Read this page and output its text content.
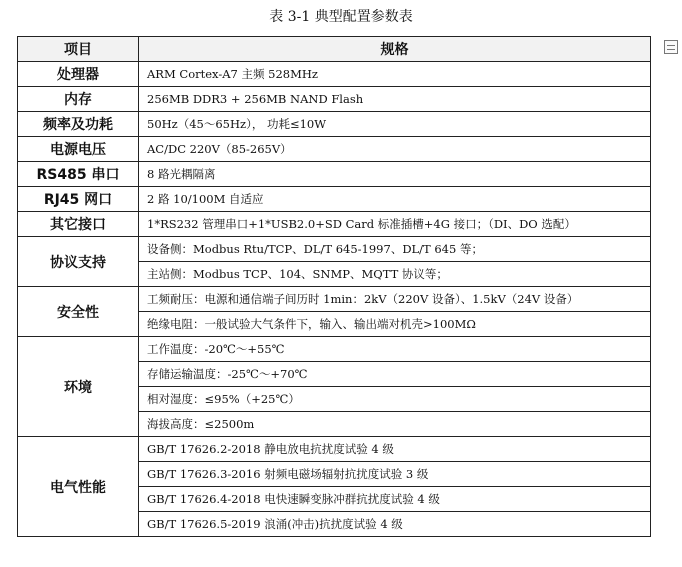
表 3-1 典型配置参数表
项目	规格
处理器	ARM Cortex-A7 主频 528MHz
内存	256MB DDR3 + 256MB NAND Flash
频率及功耗	50Hz（45～65Hz）， 功耗≤10W
电源电压	AC/DC 220V（85-265V）
RS485 串口	8 路光耦隔离
RJ45 网口	2 路 10/100M 自适应
其它接口	1*RS232 管理串口+1*USB2.0+SD Card 标准插槽+4G 接口；（DI、DO 选配）
协议支持	设备侧：Modbus Rtu/TCP、DL/T 645-1997、DL/T 645 等；
	主站侧：Modbus TCP、104、SNMP、MQTT 协议等；
安全性	工频耐压：电源和通信端子间历时 1min：2kV（220V 设备）、1.5kV（24V 设备）
	绝缘电阻：一般试验大气条件下，输入、输出端对机壳>100MΩ
环境	工作温度：-20℃～+55℃
	存储运输温度：-25℃～+70℃
	相对湿度：≤95%（+25℃）
	海拔高度：≤2500m
电气性能	GB/T 17626.2-2018 静电放电抗扰度试验 4 级
	GB/T 17626.3-2016 射频电磁场辐射抗扰度试验 3 级
	GB/T 17626.4-2018 电快速瞬变脉冲群抗扰度试验 4 级
	GB/T 17626.5-2019 浪涌(冲击)抗扰度试验 4 级
